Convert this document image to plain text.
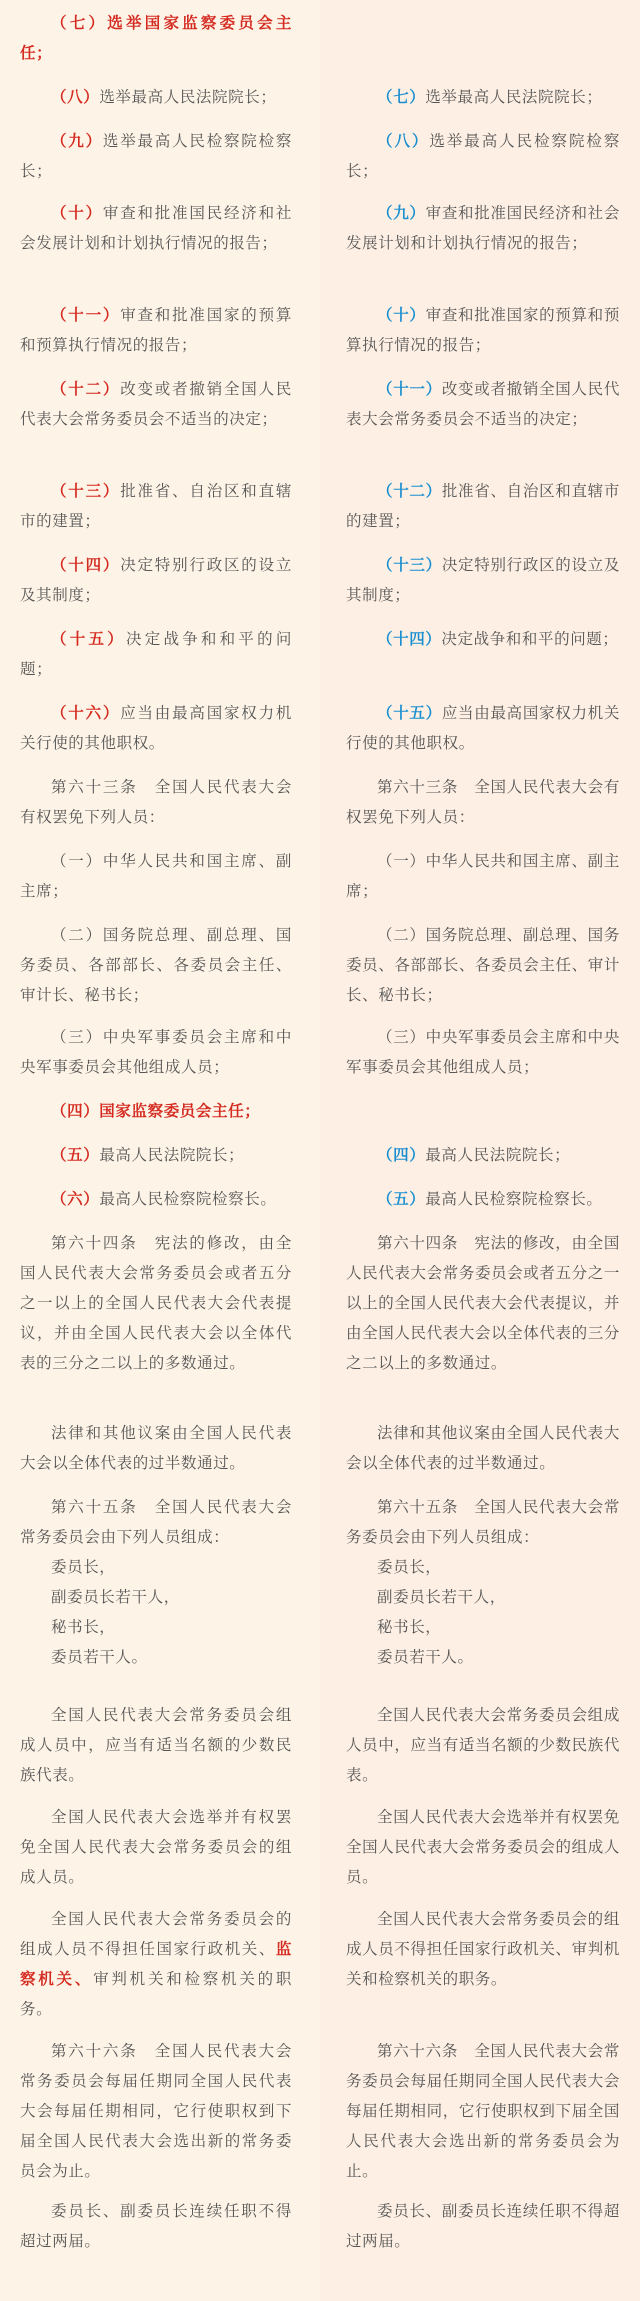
（七）选举国家监察委员会主任；

（八）选举最高人民法院院长；

（九）选举最高人民检察院检察长；

（十）审查和批准国民经济和社会发展计划和计划执行情况的报告；

（十一）审查和批准国家的预算和预算执行情况的报告；

（十二）改变或者撤销全国人民代表大会常务委员会不适当的决定；

（十三）批准省、自治区和直辖市的建置；

（十四）决定特别行政区的设立及其制度；

（十五）决定战争和和平的问题；

（十六）应当由最高国家权力机关行使的其他职权。

第六十三条　全国人民代表大会有权罢免下列人员：

（一）中华人民共和国主席、副主席；

（二）国务院总理、副总理、国务委员、各部部长、各委员会主任、审计长、秘书长；

（三）中央军事委员会主席和中央军事委员会其他组成人员；

（四）国家监察委员会主任；

（五）最高人民法院院长；

（六）最高人民检察院检察长。

第六十四条　宪法的修改，由全国人民代表大会常务委员会或者五分之一以上的全国人民代表大会代表提议，并由全国人民代表大会以全体代表的三分之二以上的多数通过。

法律和其他议案由全国人民代表大会以全体代表的过半数通过。

第六十五条　全国人民代表大会常务委员会由下列人员组成：

委员长，

副委员长若干人，

秘书长，

委员若干人。

全国人民代表大会常务委员会组成人员中，应当有适当名额的少数民族代表。

全国人民代表大会选举并有权罢免全国人民代表大会常务委员会的组成人员。

全国人民代表大会常务委员会的组成人员不得担任国家行政机关、监察机关、审判机关和检察机关的职务。

第六十六条　全国人民代表大会常务委员会每届任期同全国人民代表大会每届任期相同，它行使职权到下届全国人民代表大会选出新的常务委员会为止。

委员长、副委员长连续任职不得超过两届。

（七）选举最高人民法院院长；

（八）选举最高人民检察院检察长；

（九）审查和批准国民经济和社会发展计划和计划执行情况的报告；

（十）审查和批准国家的预算和预算执行情况的报告；

（十一）改变或者撤销全国人民代表大会常务委员会不适当的决定；

（十二）批准省、自治区和直辖市的建置；

（十三）决定特别行政区的设立及其制度；

（十四）决定战争和和平的问题；

（十五）应当由最高国家权力机关行使的其他职权。

第六十三条　全国人民代表大会有权罢免下列人员：

（一）中华人民共和国主席、副主席；

（二）国务院总理、副总理、国务委员、各部部长、各委员会主任、审计长、秘书长；

（三）中央军事委员会主席和中央军事委员会其他组成人员；

（四）最高人民法院院长；

（五）最高人民检察院检察长。

第六十四条　宪法的修改，由全国人民代表大会常务委员会或者五分之一以上的全国人民代表大会代表提议，并由全国人民代表大会以全体代表的三分之二以上的多数通过。

法律和其他议案由全国人民代表大会以全体代表的过半数通过。

第六十五条　全国人民代表大会常务委员会由下列人员组成：

委员长，

副委员长若干人，

秘书长，

委员若干人。

全国人民代表大会常务委员会组成人员中，应当有适当名额的少数民族代表。

全国人民代表大会选举并有权罢免全国人民代表大会常务委员会的组成人员。

全国人民代表大会常务委员会的组成人员不得担任国家行政机关、审判机关和检察机关的职务。

第六十六条　全国人民代表大会常务委员会每届任期同全国人民代表大会每届任期相同，它行使职权到下届全国人民代表大会选出新的常务委员会为止。

委员长、副委员长连续任职不得超过两届。
